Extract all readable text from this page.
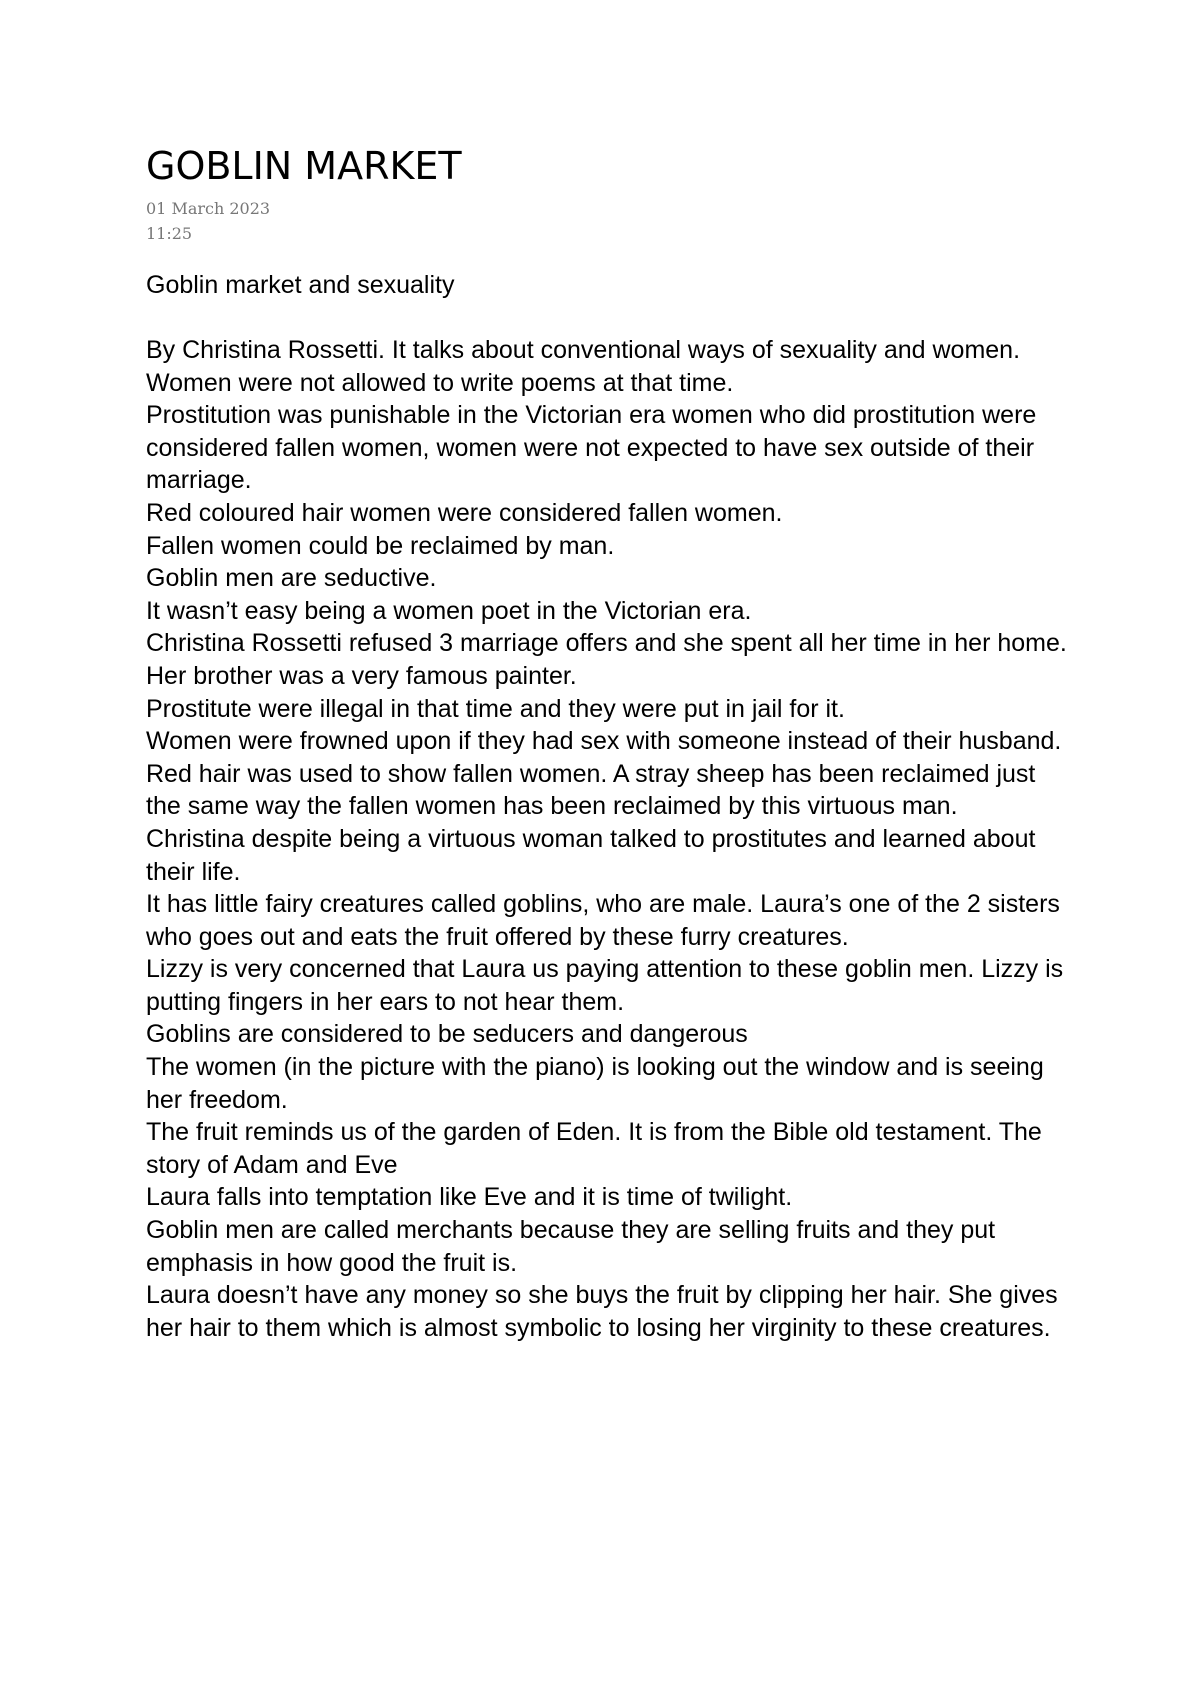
GOBLIN MARKET

01 March 2023

11:25

Goblin market and sexuality

By Christina Rossetti. It talks about conventional ways of sexuality and women.
Women were not allowed to write poems at that time.
Prostitution was punishable in the Victorian era women who did prostitution were considered fallen women, women were not expected to have sex outside of their marriage.
Red coloured hair women were considered fallen women.
Fallen women could be reclaimed by man.
Goblin men are seductive.
It wasn’t easy being a women poet in the Victorian era.
Christina Rossetti refused 3 marriage offers and she spent all her time in her home.
Her brother was a very famous painter.
Prostitute were illegal in that time and they were put in jail for it.
Women were frowned upon if they had sex with someone instead of their husband.
Red hair was used to show fallen women. A stray sheep has been reclaimed just the same way the fallen women has been reclaimed by this virtuous man.
Christina despite being a virtuous woman talked to prostitutes and learned about their life.
It has little fairy creatures called goblins, who are male. Laura’s one of the 2 sisters who goes out and eats the fruit offered by these furry creatures.
Lizzy is very concerned that Laura us paying attention to these goblin men. Lizzy is putting fingers in her ears to not hear them.
Goblins are considered to be seducers and dangerous
The women (in the picture with the piano) is looking out the window and is seeing her freedom.
The fruit reminds us of the garden of Eden. It is from the Bible old testament. The story of Adam and Eve
Laura falls into temptation like Eve and it is time of twilight.
Goblin men are called merchants because they are selling fruits and they put emphasis in how good the fruit is.
Laura doesn’t have any money so she buys the fruit by clipping her hair. She gives her hair to them which is almost symbolic to losing her virginity to these creatures.
